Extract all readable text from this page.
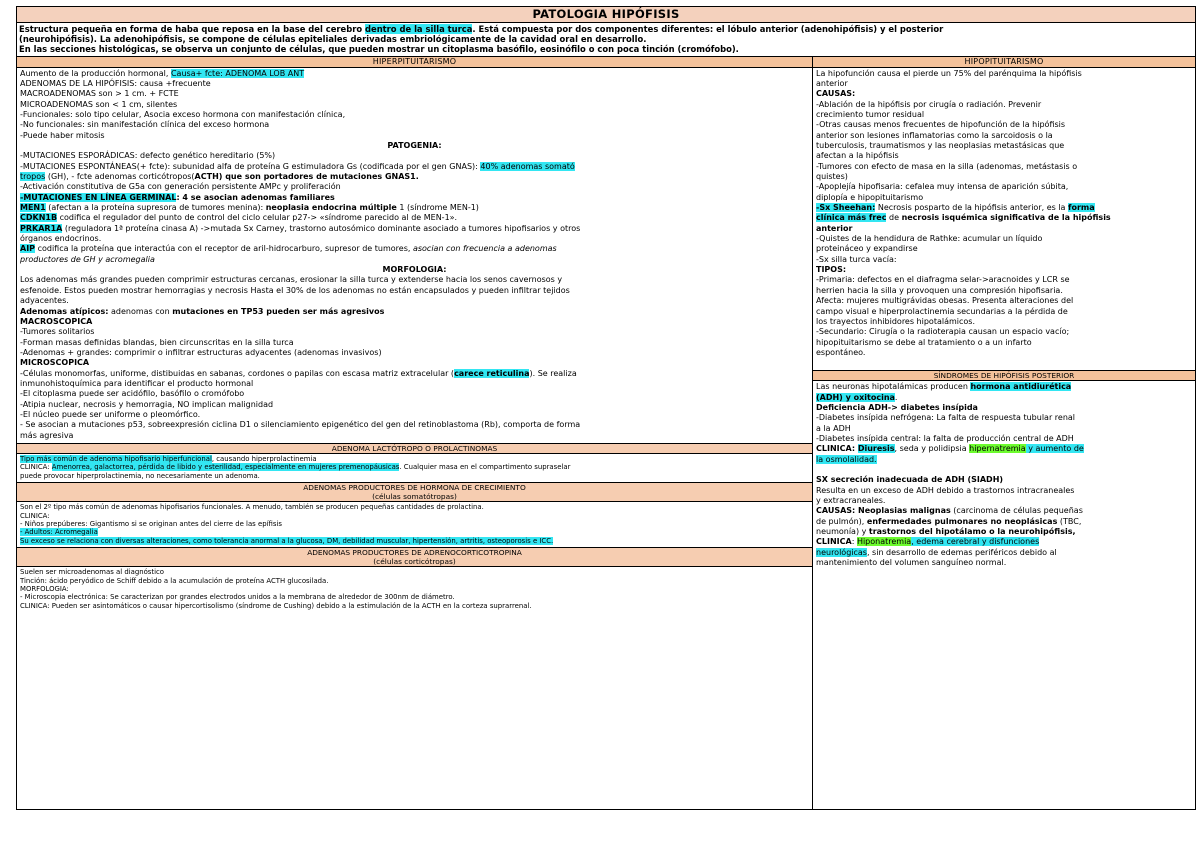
PATOLOGIA HIPÓFISIS
Estructura pequeña en forma de haba que reposa en la base del cerebro dentro de la silla turca. Está compuesta por dos componentes diferentes: el lóbulo anterior (adenohipófisis) y el posterior
(neurohipófisis). La adenohipófisis, se compone de células epiteliales derivadas embriológicamente de la cavidad oral en desarrollo.
En las secciones histológicas, se observa un conjunto de células, que pueden mostrar un citoplasma basófilo, eosinófilo o con poca tinción (cromófobo).
HIPERPITUITARISMO

Aumento de la producción hormonal, Causa+ fcte: ADENOMA LOB ANT

ADENOMAS DE LA HIPÓFISIS: causa +frecuente

MACROADENOMAS son > 1 cm. + FCTE

MICROADENOMAS son < 1 cm, silentes

-Funcionales: solo tipo celular, Asocia exceso hormona con manifestación clínica,

-No funcionales: sin manifestación clínica del exceso hormona

-Puede haber mitosis

PATOGENIA:

-MUTACIONES ESPORÁDICAS: defecto genético hereditario (5%)

-MUTACIONES ESPONTÁNEAS(+ fcte): subunidad alfa de proteína G estimuladora Gs (codificada por el gen GNAS): 40% adenomas somató

tropos (GH), - fcte adenomas corticótropos(ACTH) que son portadores de mutaciones GNAS1.

-Activación constitutiva de G5a con generación persistente AMPc y proliferación

-MUTACIONES EN LÍNEA GERMINAL: 4 se asocian adenomas familiares

MEN1 (afectan a la proteína supresora de tumores menina): neoplasia endocrina múltiple 1 (síndrome MEN-1)

CDKN1B codifica el regulador del punto de control del ciclo celular p27-> «síndrome parecido al de MEN-1».

PRKAR1A (reguladora 1ª proteína cinasa A) ->mutada Sx Carney, trastorno autosómico dominante asociado a tumores hipofisarios y otros

órganos endocrinos.

AIP codifica la proteína que interactúa con el receptor de aril-hidrocarburo, supresor de tumores, asocian con frecuencia a adenomas

productores de GH y acromegalia

MORFOLOGIA:

Los adenomas más grandes pueden comprimir estructuras cercanas, erosionar la silla turca y extenderse hacia los senos cavernosos y

esfenoide. Estos pueden mostrar hemorragias y necrosis Hasta el 30% de los adenomas no están encapsulados y pueden infiltrar tejidos

adyacentes.

Adenomas atípicos: adenomas con mutaciones en TP53 pueden ser más agresivos

MACROSCOPICA

-Tumores solitarios

-Forman masas definidas blandas, bien circunscritas en la silla turca

-Adenomas + grandes: comprimir o infiltrar estructuras adyacentes (adenomas invasivos)

MICROSCOPICA

-Células monomorfas, uniforme, distibuidas en sabanas, cordones o papilas con escasa matriz extracelular (carece reticulina). Se realiza

inmunohistoquímica para identificar el producto hormonal

-El citoplasma puede ser acidófilo, basófilo o cromófobo

-Atipia nuclear, necrosis y hemorragia, NO implican malignidad

-El núcleo puede ser uniforme o pleomórfico.

- Se asocian a mutaciones p53, sobreexpresión ciclina D1 o silenciamiento epigenético del gen del retinoblastoma (Rb), comporta de forma

más agresiva

ADENOMA LACTÓTROPO O PROLACTINOMAS

Tipo más común de adenoma hipofisario hiperfuncional, causando hiperprolactinemia

CLINICA: Amenorrea, galactorrea, pérdida de libido y esterilidad, especialmente en mujeres premenopáusicas. Cualquier masa en el compartimento supraselar

puede provocar hiperprolactinemia, no necesariamente un adenoma.

ADENOMAS PRODUCTORES DE HORMONA DE CRECIMIENTO
(células somatótropas)

Son el 2º tipo más común de adenomas hipofisarios funcionales. A menudo, también se producen pequeñas cantidades de prolactina.

CLINICA:

- Niños prepúberes: Gigantismo si se originan antes del cierre de las epífisis

- Adultos: Acromegalia

Su exceso se relaciona con diversas alteraciones, como tolerancia anormal a la glucosa, DM, debilidad muscular, hipertensión, artritis, osteoporosis e ICC.

ADENOMAS PRODUCTORES DE ADRENOCORTICOTROPINA
(células corticótropas)

Suelen ser microadenomas al diagnóstico

Tinción: ácido peryódico de Schiff debido a la acumulación de proteína ACTH glucosilada.

MORFOLOGIA:

- Microscopia electrónica: Se caracterizan por grandes electrodos unidos a la membrana de alrededor de 300nm de diámetro.

CLINICA: Pueden ser asintomáticos o causar hipercortisolismo (síndrome de Cushing) debido a la estimulación de la ACTH en la corteza suprarrenal.

HIPOPITUITARISMO

La hipofunción causa el pierde un 75% del parénquima la hipófisis

anterior

CAUSAS:

-Ablación de la hipófisis por cirugía o radiación. Prevenir

crecimiento tumor residual

-Otras causas menos frecuentes de hipofunción de la hipófisis

anterior son lesiones inflamatorias como la sarcoidosis o la

tuberculosis, traumatismos y las neoplasias metastásicas que

afectan a la hipófisis

-Tumores con efecto de masa en la silla (adenomas, metástasis o

quistes)

-Apoplejía hipofisaria: cefalea muy intensa de aparición súbita,

diplopía e hipopituitarismo

-Sx Sheehan: Necrosis posparto de la hipófisis anterior, es la forma

clínica más frec de necrosis isquémica significativa de la hipófisis

anterior

-Quistes de la hendidura de Rathke: acumular un líquido

proteináceo y expandirse

-Sx silla turca vacía:

TIPOS:

-Primaria: defectos en el diafragma selar->aracnoides y LCR se

herrien hacia la silla y provoquen una compresión hipofisaria.

Afecta: mujeres multigrávidas obesas. Presenta alteraciones del

campo visual e hiperprolactinemia secundarias a la pérdida de

los trayectos inhibidores hipotalámicos.

-Secundario: Cirugía o la radioterapia causan un espacio vacío;

hipopituitarismo se debe al tratamiento o a un infarto

espontáneo.

SÍNDROMES DE HIPÓFISIS POSTERIOR

Las neuronas hipotalámicas producen hormona antidiurética

(ADH) y oxitocina.

Deficiencia ADH-> diabetes insípida

-Diabetes insípida nefrógena: La falta de respuesta tubular renal

a la ADH

-Diabetes insípida central: la falta de producción central de ADH

CLINICA: Diuresis, seda y polidipsia hipernatremia y aumento de

la osmolalidad.

SX secreción inadecuada de ADH (SIADH)

Resulta en un exceso de ADH debido a trastornos intracraneales

y extracraneales.

CAUSAS: Neoplasias malignas (carcinoma de células pequeñas

de pulmón), enfermedades pulmonares no neoplásicas (TBC,

neumonía) y trastornos del hipotálamo o la neurohipófisis,

CLINICA: Hiponatremia, edema cerebral y disfunciones

neurológicas, sin desarrollo de edemas periféricos debido al

mantenimiento del volumen sanguíneo normal.
